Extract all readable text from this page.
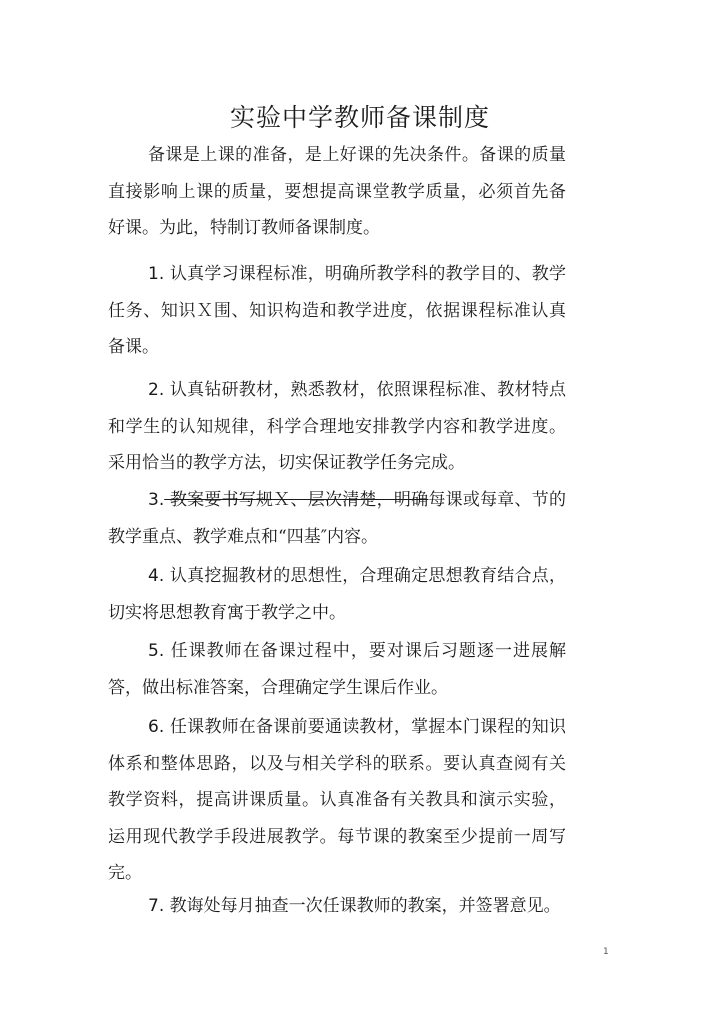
实验中学教师备课制度

备课是上课的准备，是上好课的先决条件。备课的质量直接影响上课的质量，要想提高课堂教学质量，必须首先备好课。为此，特制订教师备课制度。

1. 认真学习课程标准，明确所教学科的教学目的、教学任务、知识Ｘ围、知识构造和教学进度，依据课程标准认真备课。

2. 认真钻研教材，熟悉教材，依照课程标准、教材特点和学生的认知规律，科学合理地安排教学内容和教学进度。采用恰当的教学方法，切实保证教学任务完成。

3. 教案要书写规Ｘ、层次清楚，明确每课或每章、节的教学重点、教学难点和“四基″内容。

4. 认真挖掘教材的思想性，合理确定思想教育结合点，切实将思想教育寓于教学之中。

5. 任课教师在备课过程中，要对课后习题逐一进展解答，做出标准答案，合理确定学生课后作业。

6. 任课教师在备课前要通读教材，掌握本门课程的知识体系和整体思路，以及与相关学科的联系。要认真查阅有关教学资料，提高讲课质量。认真准备有关教具和演示实验，运用现代教学手段进展教学。每节课的教案至少提前一周写完。

7. 教诲处每月抽查一次任课教师的教案，并签署意见。

1
